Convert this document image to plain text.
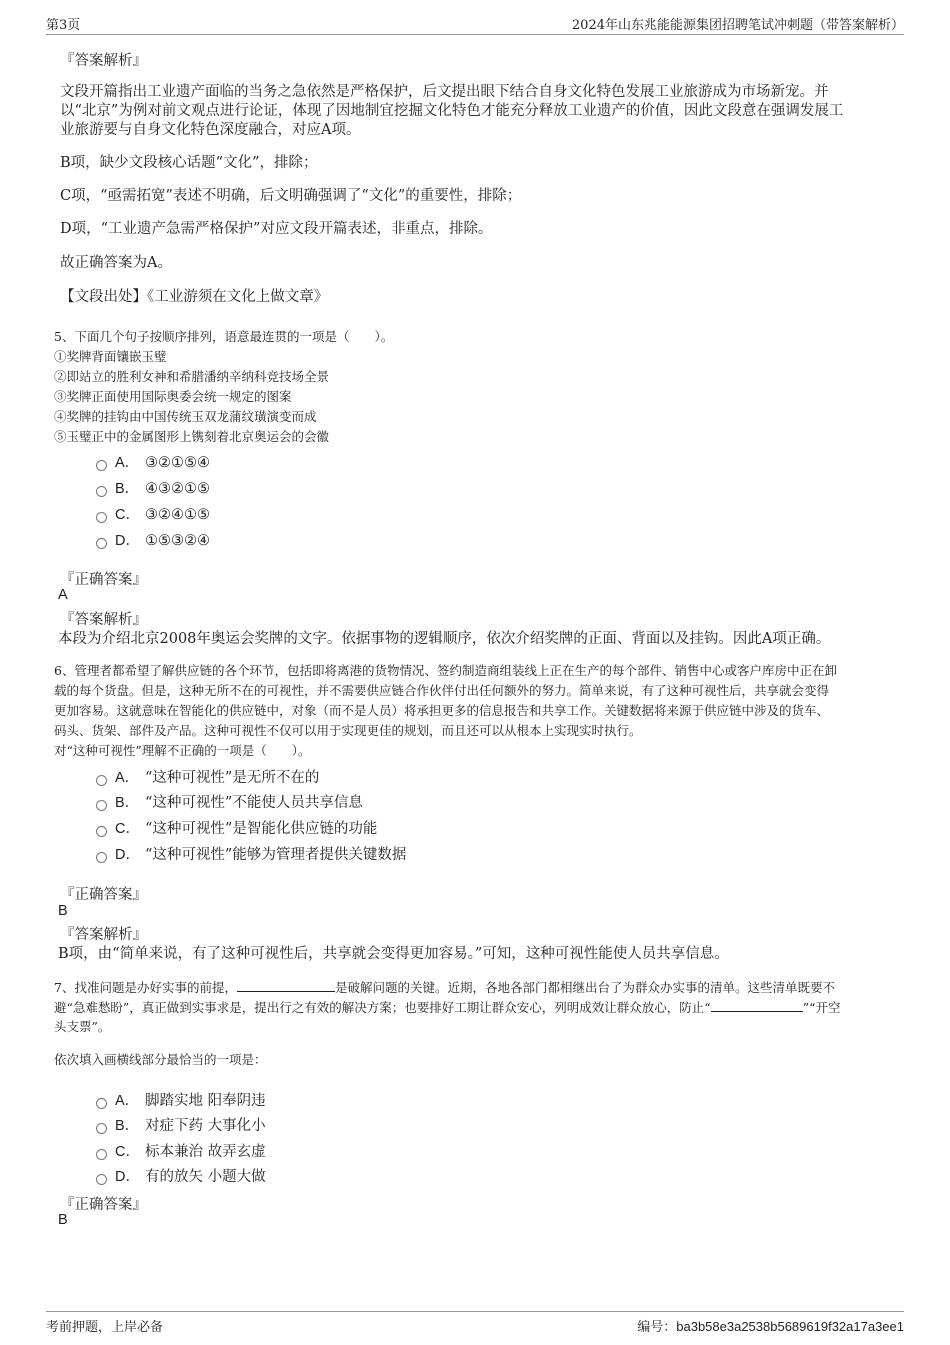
第3页	2024年山东兆能能源集团招聘笔试冲刺题（带答案解析）
『答案解析』
文段开篇指出工业遗产面临的当务之急依然是严格保护，后文提出眼下结合自身文化特色发展工业旅游成为市场新宠。并
以“北京”为例对前文观点进行论证，体现了因地制宜挖掘文化特色才能充分释放工业遗产的价值，因此文段意在强调发展工
业旅游要与自身文化特色深度融合，对应A项。
B项，缺少文段核心话题“文化”，排除；
C项，“亟需拓宽”表述不明确，后文明确强调了“文化”的重要性，排除；
D项，“工业遗产急需严格保护”对应文段开篇表述，非重点，排除。
故正确答案为A。
【文段出处】《工业游须在文化上做文章》
5、下面几个句子按顺序排列，语意最连贯的一项是（　　）。
①奖牌背面镶嵌玉璧
②即站立的胜利女神和希腊潘纳辛纳科竞技场全景
③奖牌正面使用国际奥委会统一规定的图案
④奖牌的挂钩由中国传统玉双龙蒲纹璜演变而成
⑤玉璧正中的金属图形上镌刻着北京奥运会的会徽
A． ③②①⑤④
B． ④③②①⑤
C． ③②④①⑤
D． ①⑤③②④
『正确答案』
A
『答案解析』
本段为介绍北京2008年奥运会奖牌的文字。依据事物的逻辑顺序，依次介绍奖牌的正面、背面以及挂钩。因此A项正确。
6、管理者都希望了解供应链的各个环节，包括即将离港的货物情况、签约制造商组装线上正在生产的每个部件、销售中心或客户库房中正在卸
载的每个货盘。但是，这种无所不在的可视性，并不需要供应链合作伙伴付出任何额外的努力。简单来说，有了这种可视性后，共享就会变得
更加容易。这就意味在智能化的供应链中，对象（而不是人员）将承担更多的信息报告和共享工作。关键数据将来源于供应链中涉及的货车、
码头、货架、部件及产品。这种可视性不仅可以用于实现更佳的规划，而且还可以从根本上实现实时执行。
对“这种可视性”理解不正确的一项是（　　）。
A． “这种可视性”是无所不在的
B． “这种可视性”不能使人员共享信息
C． “这种可视性”是智能化供应链的功能
D． “这种可视性”能够为管理者提供关键数据
『正确答案』
B
『答案解析』
B项，由“简单来说，有了这种可视性后，共享就会变得更加容易。”可知，这种可视性能使人员共享信息。
7、找准问题是办好实事的前提，	是破解问题的关键。近期，各地各部门都相继出台了为群众办实事的清单。这些清单既要不
避“急难愁盼”，真正做到实事求是，提出行之有效的解决方案；也要排好工期让群众安心，列明成效让群众放心，防止“	”“开空
头支票”。
依次填入画横线部分最恰当的一项是：
A． 脚踏实地 阳奉阴违
B． 对症下药 大事化小
C． 标本兼治 故弄玄虚
D． 有的放矢 小题大做
『正确答案』
B
考前押题，上岸必备	编号：ba3b58e3a2538b5689619f32a17a3ee1
